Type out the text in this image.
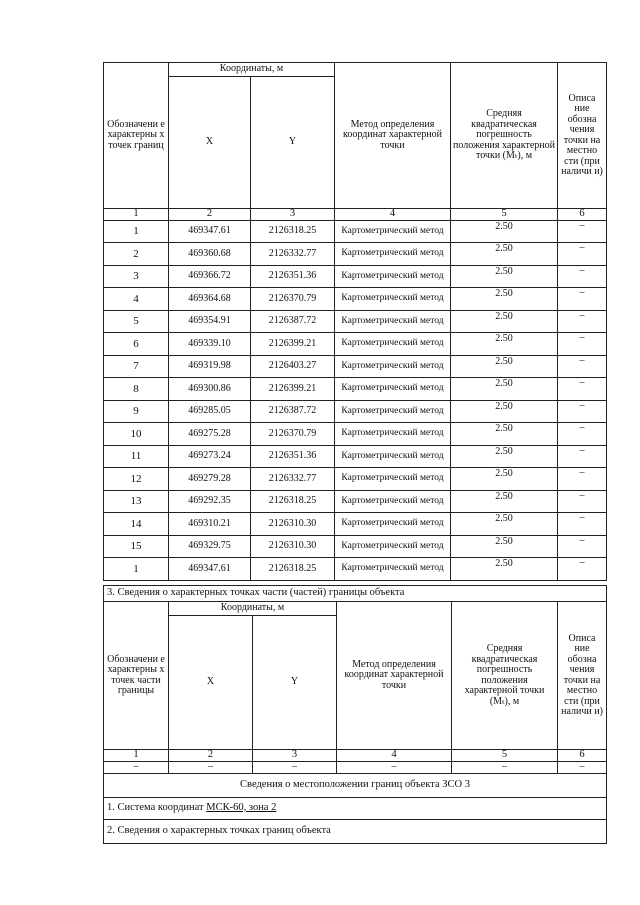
Обозначени е характерны х точек границ	Координаты, м		Метод определения координат характерной точки	Средняя квадратическая погрешность положения характерной точки (Мₜ), м	Описа ние обозна чения точки на местно сти (при наличи и)
	X	Y			
1	2	3	4	5	6
1	469347.61	2126318.25	Картометрический метод	2.50	–
2	469360.68	2126332.77	Картометрический метод	2.50	–
3	469366.72	2126351.36	Картометрический метод	2.50	–
4	469364.68	2126370.79	Картометрический метод	2.50	–
5	469354.91	2126387.72	Картометрический метод	2.50	–
6	469339.10	2126399.21	Картометрический метод	2.50	–
7	469319.98	2126403.27	Картометрический метод	2.50	–
8	469300.86	2126399.21	Картометрический метод	2.50	–
9	469285.05	2126387.72	Картометрический метод	2.50	–
10	469275.28	2126370.79	Картометрический метод	2.50	–
11	469273.24	2126351.36	Картометрический метод	2.50	–
12	469279.28	2126332.77	Картометрический метод	2.50	–
13	469292.35	2126318.25	Картометрический метод	2.50	–
14	469310.21	2126310.30	Картометрический метод	2.50	–
15	469329.75	2126310.30	Картометрический метод	2.50	–
1	469347.61	2126318.25	Картометрический метод	2.50	–
3. Сведения о характерных точках части (частей) границы объекта					
Обозначени е характерны х точек части границы	Координаты, м		Метод определения координат характерной точки	Средняя квадратическая погрешность положения характерной точки (Мₜ), м	Описа ние обозна чения точки на местно сти (при наличи и)
	X	Y			
1	2	3	4	5	6
–	–	–	–	–	–
Сведения о местоположении границ объекта ЗСО 3					
1. Система координат МСК-60, зона 2					
2. Сведения о характерных точках границ объекта					
